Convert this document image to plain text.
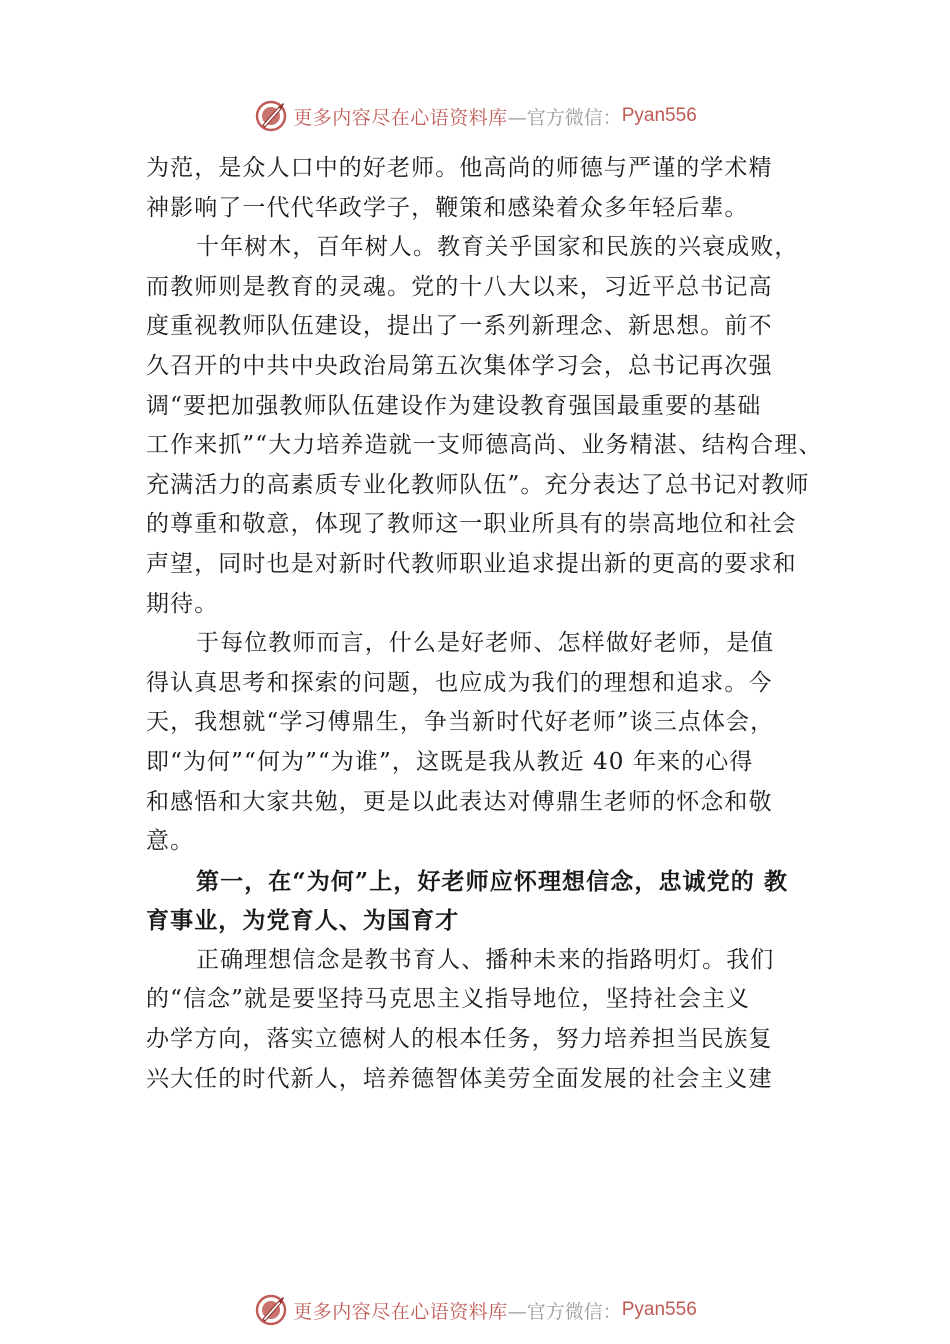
更多内容尽在心语资料库 —官方微信： Pyan556
为范，是众人口中的好老师。他高尚的师德与严谨的学术精
神影响了一代代华政学子，鞭策和感染着众多年轻后辈。
十年树木，百年树人。教育关乎国家和民族的兴衰成败，
而教师则是教育的灵魂。党的十八大以来，习近平总书记高
度重视教师队伍建设，提出了一系列新理念、新思想。前不
久召开的中共中央政治局第五次集体学习会，总书记再次强
调“要把加强教师队伍建设作为建设教育强国最重要的基础
工作来抓”“大力培养造就一支师德高尚、业务精湛、结构合理、
充满活力的高素质专业化教师队伍”。充分表达了总书记对教师
的尊重和敬意，体现了教师这一职业所具有的崇高地位和社会
声望，同时也是对新时代教师职业追求提出新的更高的要求和
期待。
于每位教师而言，什么是好老师、怎样做好老师，是值
得认真思考和探索的问题，也应成为我们的理想和追求。今
天，我想就“学习傅鼎生，争当新时代好老师”谈三点体会，
即“为何”“何为”“为谁”，这既是我从教近 40 年来的心得
和感悟和大家共勉，更是以此表达对傅鼎生老师的怀念和敬
意。
第一，在“为何”上，好老师应怀理想信念，忠诚党的 教
育事业，为党育人、为国育才
正确理想信念是教书育人、播种未来的指路明灯。我们
的“信念”就是要坚持马克思主义指导地位，坚持社会主义
办学方向，落实立德树人的根本任务，努力培养担当民族复
兴大任的时代新人，培养德智体美劳全面发展的社会主义建
更多内容尽在心语资料库 —官方微信： Pyan556
